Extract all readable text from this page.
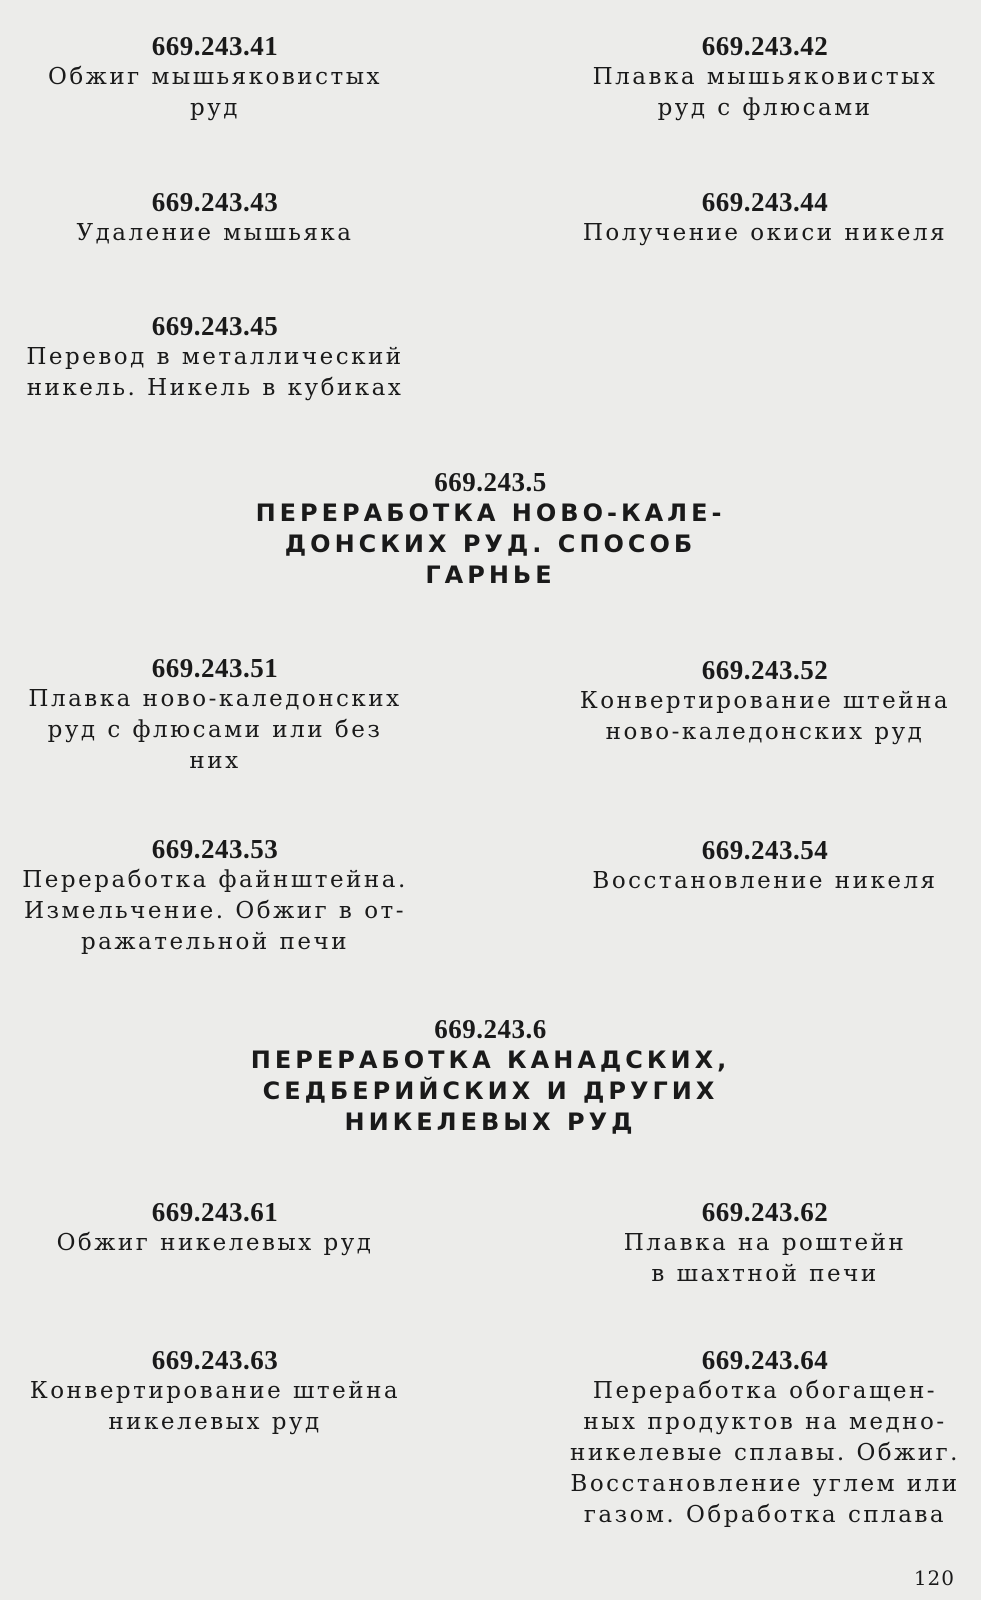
669.243.41
Обжиг мышьяковистых
руд
669.243.42
Плавка мышьяковистых
руд с флюсами
669.243.43
Удаление мышьяка
669.243.44
Получение окиси никеля
669.243.45
Перевод в металлический
никель. Никель в кубиках
669.243.5
ПЕРЕРАБОТКА НОВО-КАЛЕ-
ДОНСКИХ РУД. СПОСОБ
ГАРНЬЕ
669.243.51
Плавка ново-каледонских
руд с флюсами или без
них
669.243.52
Конвертирование штейна
ново-каледонских руд
669.243.53
Переработка файнштейна.
Измельчение. Обжиг в от-
ражательной печи
669.243.54
Восстановление никеля
669.243.6
ПЕРЕРАБОТКА КАНАДСКИХ,
СЕДБЕРИЙСКИХ И ДРУГИХ
НИКЕЛЕВЫХ РУД
669.243.61
Обжиг никелевых руд
669.243.62
Плавка на роштейн
в шахтной печи
669.243.63
Конвертирование штейна
никелевых руд
669.243.64
Переработка обогащен-
ных продуктов на медно-
никелевые сплавы. Обжиг.
Восстановление углем или
газом. Обработка сплава
120
